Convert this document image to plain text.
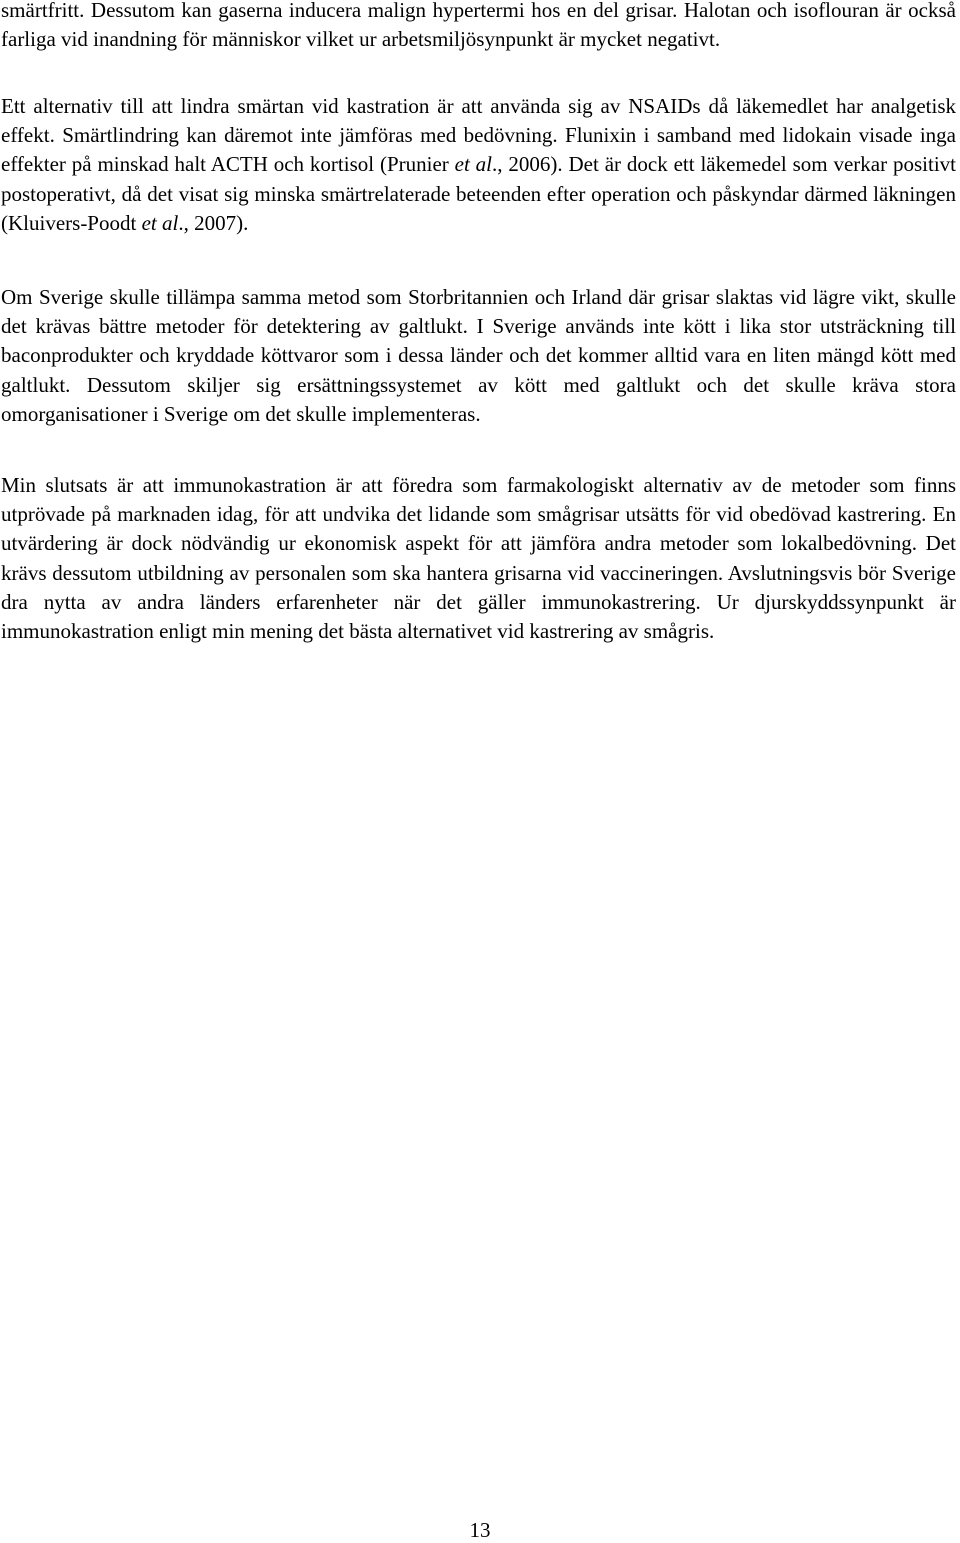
smärtfritt. Dessutom kan gaserna inducera malign hypertermi hos en del grisar. Halotan och isoflouran är också farliga vid inandning för människor vilket ur arbetsmiljösynpunkt är mycket negativt.

Ett alternativ till att lindra smärtan vid kastration är att använda sig av NSAIDs då läkemedlet har analgetisk effekt. Smärtlindring kan däremot inte jämföras med bedövning. Flunixin i samband med lidokain visade inga effekter på minskad halt ACTH och kortisol (Prunier et al., 2006). Det är dock ett läkemedel som verkar positivt postoperativt, då det visat sig minska smärtrelaterade beteenden efter operation och påskyndar därmed läkningen (Kluivers-Poodt et al., 2007).

Om Sverige skulle tillämpa samma metod som Storbritannien och Irland där grisar slaktas vid lägre vikt, skulle det krävas bättre metoder för detektering av galtlukt. I Sverige används inte kött i lika stor utsträckning till baconprodukter och kryddade köttvaror som i dessa länder och det kommer alltid vara en liten mängd kött med galtlukt. Dessutom skiljer sig ersättningssystemet av kött med galtlukt och det skulle kräva stora omorganisationer i Sverige om det skulle implementeras.

Min slutsats är att immunokastration är att föredra som farmakologiskt alternativ av de metoder som finns utprövade på marknaden idag, för att undvika det lidande som smågrisar utsätts för vid obedövad kastrering. En utvärdering är dock nödvändig ur ekonomisk aspekt för att jämföra andra metoder som lokalbedövning. Det krävs dessutom utbildning av personalen som ska hantera grisarna vid vaccineringen. Avslutningsvis bör Sverige dra nytta av andra länders erfarenheter när det gäller immunokastrering. Ur djurskyddssynpunkt är immunokastration enligt min mening det bästa alternativet vid kastrering av smågris.

13
